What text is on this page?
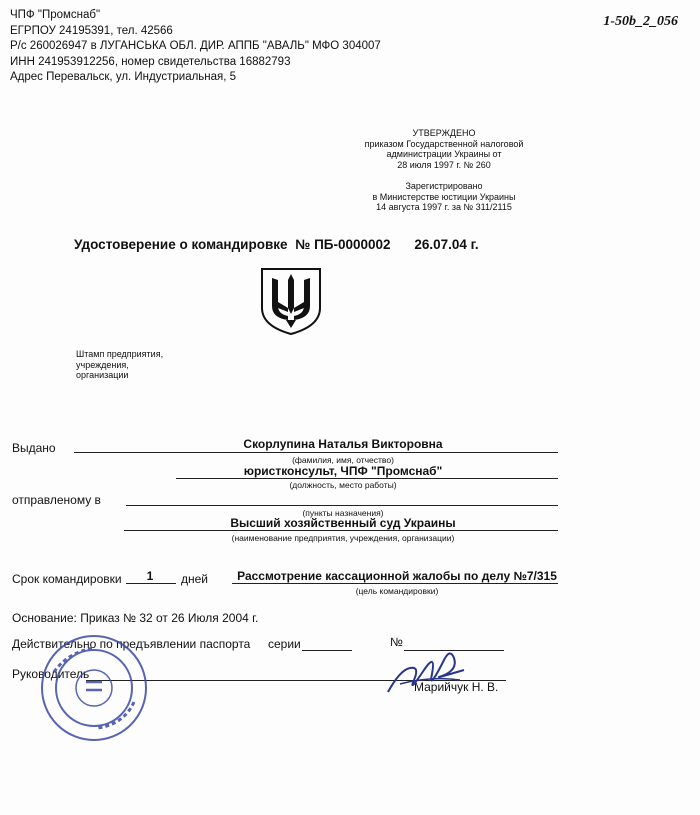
ЧПФ "Промснаб"
ЕГРПОУ 24195391, тел. 42566
Р/с 260026947 в ЛУГАНСЬКА ОБЛ. ДИР. АППБ "АВАЛЬ" МФО 304007
ИНН 241953912256, номер свидетельства 16882793
Адрес Перевальск, ул. Индустриальная, 5
1-50b_2_056
УТВЕРЖДЕНО
приказом Государственной налоговой
администрации Украины от
28 июля 1997 г. № 260
Зарегистрировано
в Министерстве юстиции Украины
14 августа 1997 г. за № 311/2115
Удостоверение о командировке № ПБ-0000002 26.07.04 г.
Штамп предприятия,
учреждения,
организации
Выдано	Скорлупина Наталья Викторовна
(фамилия, имя, отчество)
юристконсульт, ЧПФ "Промснаб"
(должность, место работы)
отправленому в
(пункты назначения)
Высший хозяйственный суд Украины
(наименование предприятия, учреждения, организации)
Срок командировки	1	дней Рассмотрение кассационной жалобы по делу №7/315
(цель командировки)
Основание: Приказ № 32 от 26 Июля 2004 г.
Действительно по предъявлении паспорта серии	№
Руководитель
Марийчук Н. В.
